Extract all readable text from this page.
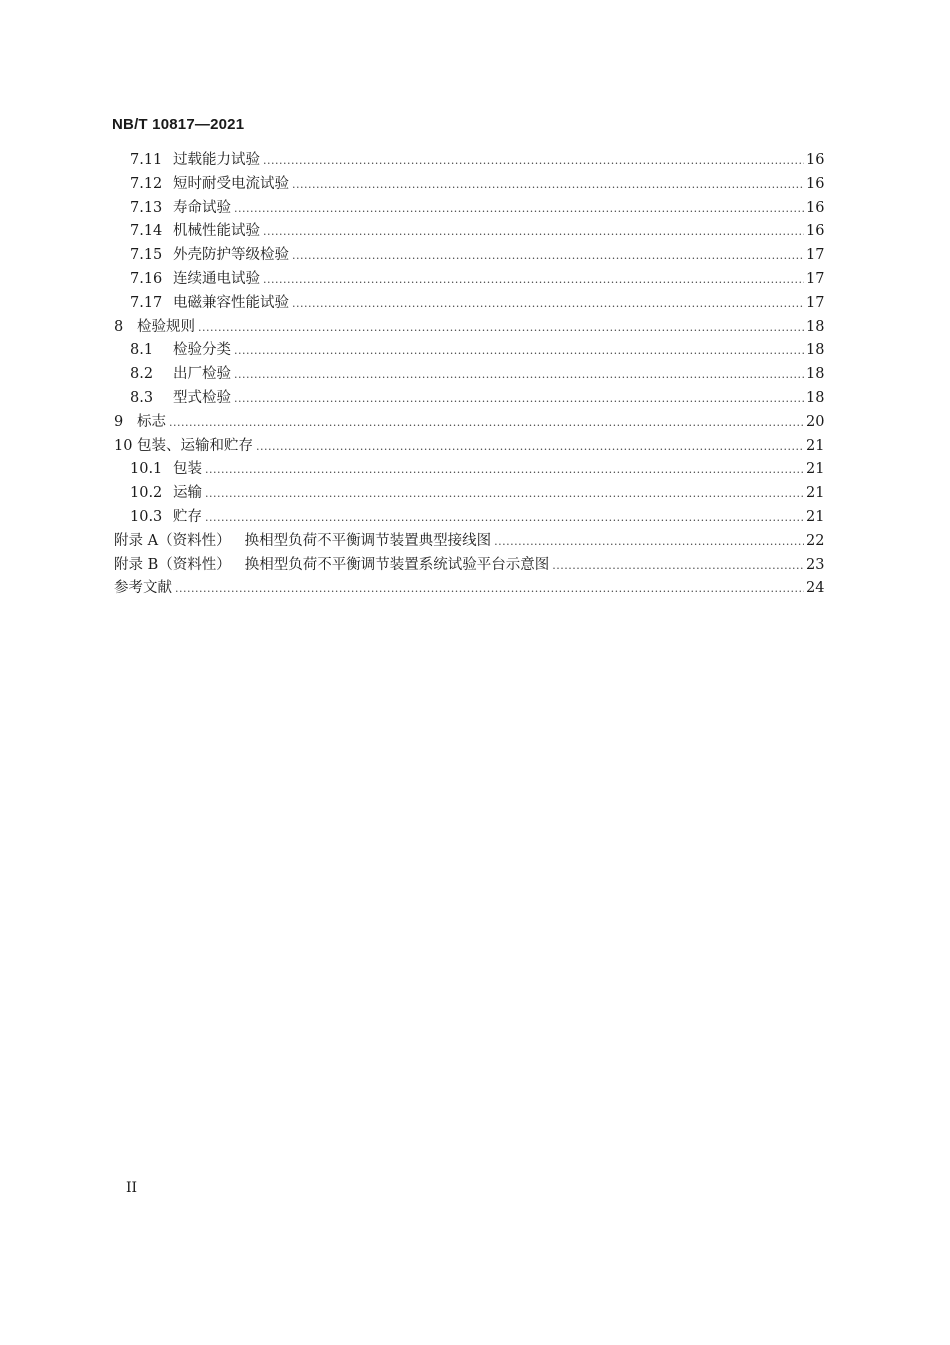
NB/T 10817—2021
7.11 过载能力试验 .....	16
7.12 短时耐受电流试验 .....	16
7.13 寿命试验 .....	16
7.14 机械性能试验 .....	16
7.15 外壳防护等级检验 .....	17
7.16 连续通电试验 .....	17
7.17 电磁兼容性能试验 .....	17
8 检验规则 .....	18
8.1	检验分类 .....	18
8.2	出厂检验 .....	18
8.3	型式检验 .....	18
9 标志 .....	20
10 包装、运输和贮存 .....	21
10.1 包装 .....	21
10.2 运输 .....	21
10.3 贮存 .....	21
附录 A（资料性） 换相型负荷不平衡调节装置典型接线图 .....	22
附录 B（资料性） 换相型负荷不平衡调节装置系统试验平台示意图 .....	23
参考文献 .....	24
II
